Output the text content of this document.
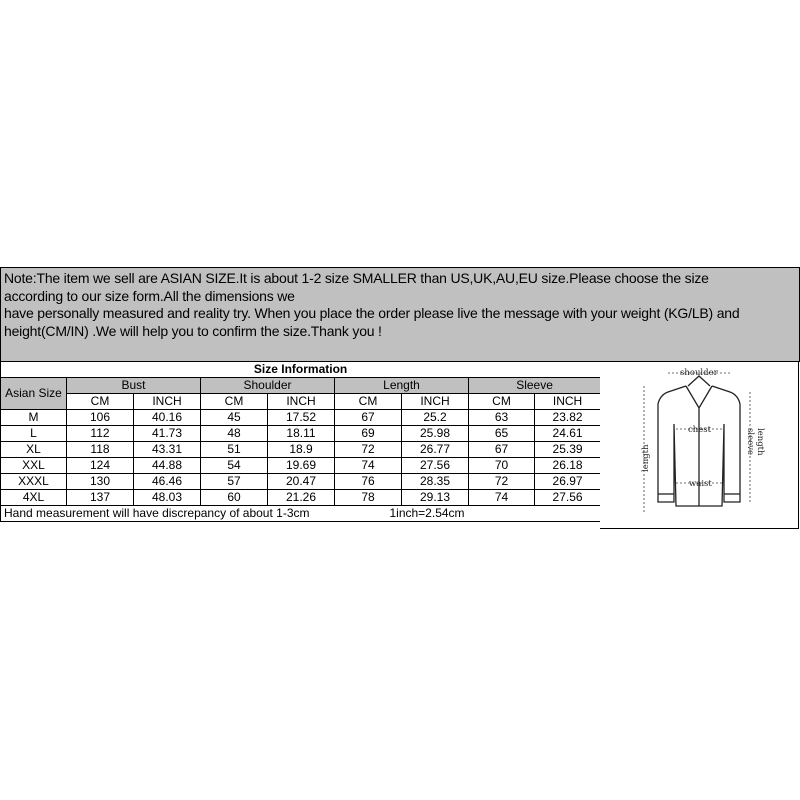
Note:The item we sell are ASIAN SIZE.It is about 1-2 size SMALLER than US,UK,AU,EU size.Please choose the size
according to our size form.All the dimensions we
have personally measured and reality try. When you place the order please live the message with your weight (KG/LB) and
height(CM/IN) .We will help you to confirm the size.Thank you !
Size Information								
Asian Size	Bust		Shoulder		Length		Sleeve	
	CM	INCH	CM	INCH	CM	INCH	CM	INCH
M	106	40.16	45	17.52	67	25.2	63	23.82
L	112	41.73	48	18.11	69	25.98	65	24.61
XL	118	43.31	51	18.9	72	26.77	67	25.39
XXL	124	44.88	54	19.69	74	27.56	70	26.18
XXXL	130	46.46	57	20.47	76	28.35	72	26.97
4XL	137	48.03	60	21.26	78	29.13	74	27.56
Hand measurement will have discrepancy of about 1-3cm 1inch=2.54cm								
shoulder
chest
waist
length
sleeve length
